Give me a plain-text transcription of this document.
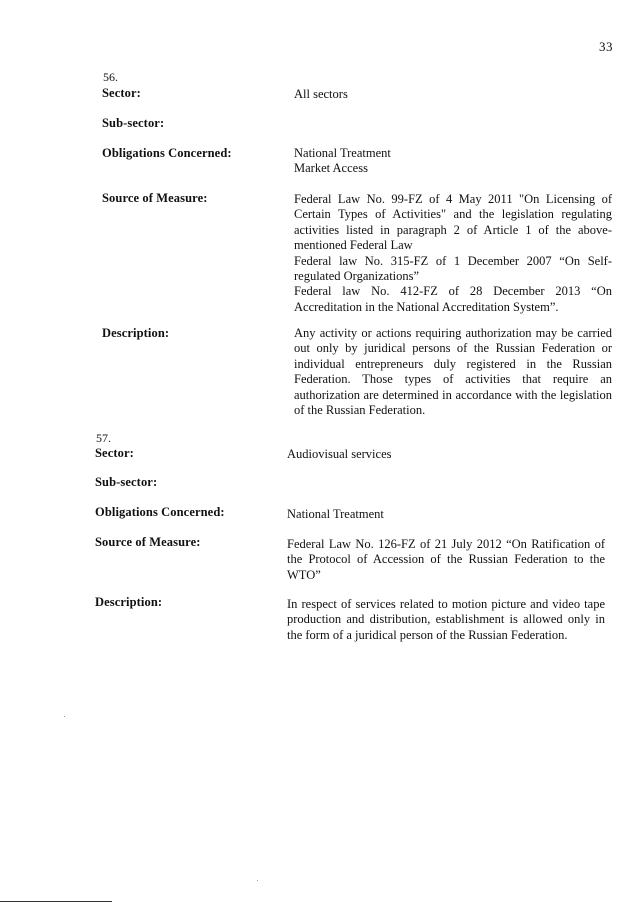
33
56.
Sector:	All sectors
Sub-sector:
Obligations Concerned:	National Treatment
Market Access
Source of Measure:	Federal Law No. 99-FZ of 4 May 2011 "On Licensing of Certain Types of Activities" and the legislation regulating activities listed in paragraph 2 of Article 1 of the above-mentioned Federal Law
Federal law No. 315-FZ of 1 December 2007 “On Self-regulated Organizations”
Federal law No. 412-FZ of 28 December 2013 “On Accreditation in the National Accreditation System”.
Description:	Any activity or actions requiring authorization may be carried out only by juridical persons of the Russian Federation or individual entrepreneurs duly registered in the Russian Federation. Those types of activities that require an authorization are determined in accordance with the legislation of the Russian Federation.
57.
Sector:	Audiovisual services
Sub-sector:
Obligations Concerned:	National Treatment
Source of Measure:	Federal Law No. 126-FZ of 21 July 2012 “On Ratification of the Protocol of Accession of the Russian Federation to the WTO”
Description:	In respect of services related to motion picture and video tape production and distribution, establishment is allowed only in the form of a juridical person of the Russian Federation.
